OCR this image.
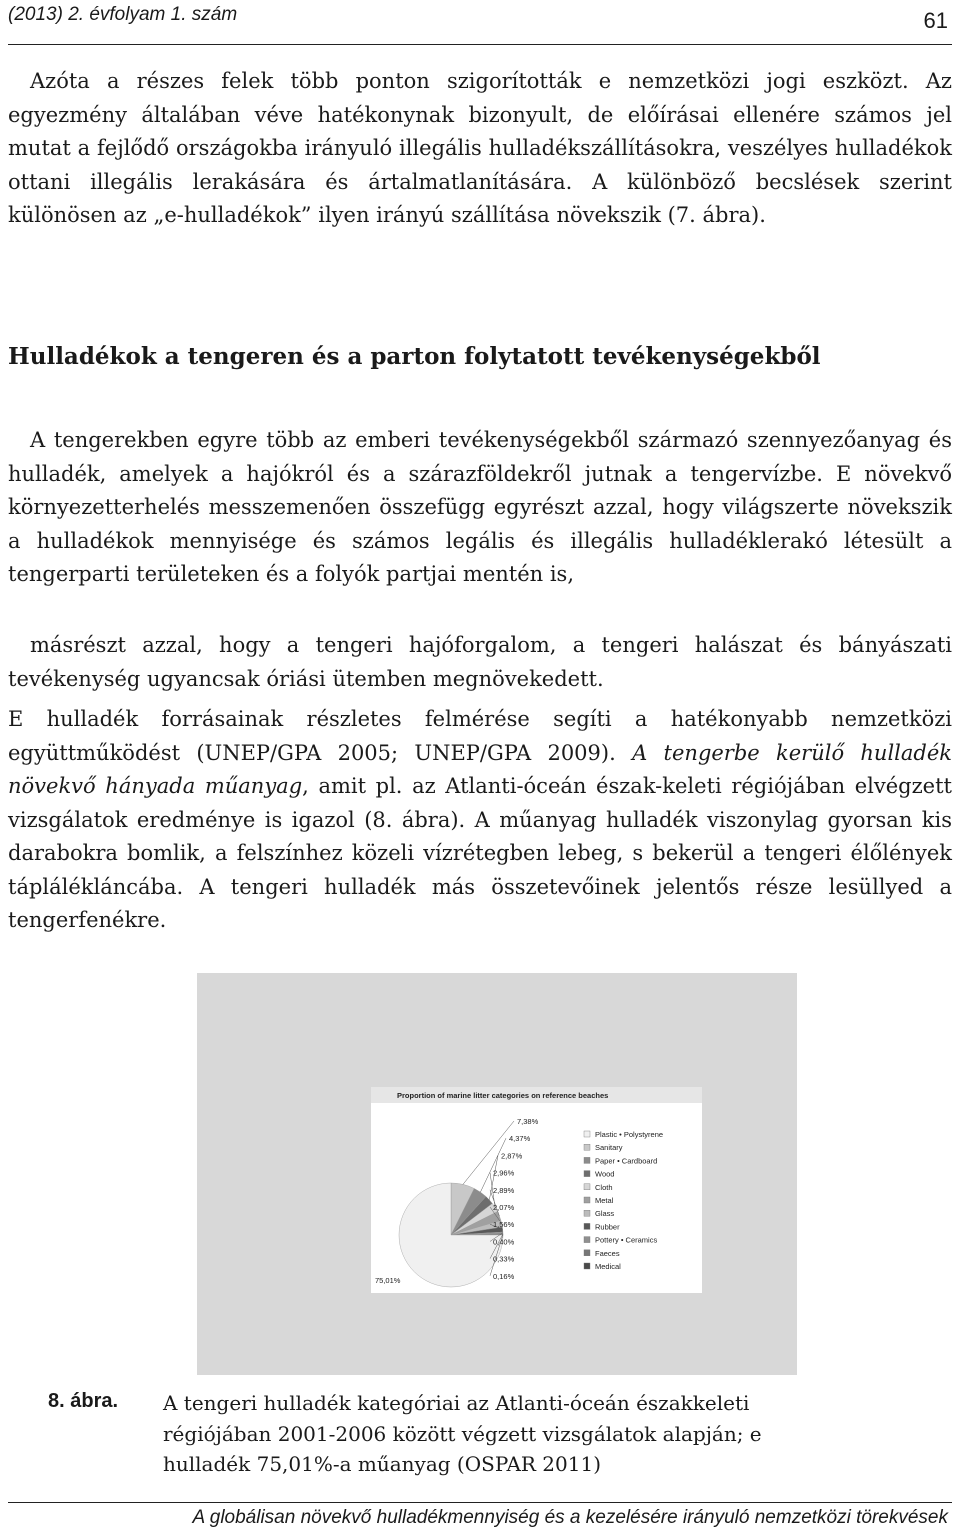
(2013) 2. évfolyam 1. szám	61

Azóta a részes felek több ponton szigorították e nemzetközi jogi eszközt. Az egyezmény általában véve hatékonynak bizonyult, de előírásai ellenére számos jel mutat a fejlődő országokba irányuló illegális hulladékszállításokra, veszélyes hulladékok ottani illegális lerakására és ártalmatlanítására. A különböző becslések szerint különösen az „e-hulladékok” ilyen irányú szállítása növekszik (7. ábra).

Hulladékok a tengeren és a parton folytatott tevékenységekből

A tengerekben egyre több az emberi tevékenységekből származó szennyezőanyag és hulladék, amelyek a hajókról és a szárazföldekről jutnak a tengervízbe. E növekvő környezetterhelés messzemenően összefügg egyrészt azzal, hogy világszerte növekszik a hulladékok mennyisége és számos legális és illegális hulladéklerakó létesült a tengerparti területeken és a folyók partjai mentén is,

másrészt azzal, hogy a tengeri hajóforgalom, a tengeri halászat és bányászati tevékenység ugyancsak óriási ütemben megnövekedett.

E hulladék forrásainak részletes felmérése segíti a hatékonyabb nemzetközi együttműködést (UNEP/GPA 2005; UNEP/GPA 2009). A tengerbe kerülő hulladék növekvő hányada műanyag, amit pl. az Atlanti-óceán észak-keleti régiójában elvégzett vizsgálatok eredménye is igazol (8. ábra). A műanyag hulladék viszonylag gyorsan kis darabokra bomlik, a felszínhez közeli vízrétegben lebeg, s bekerül a tengeri élőlények táplálékláncába. A tengeri hulladék más összetevőinek jelentős része lesüllyed a tengerfenékre.

Proportion of marine litter categories on reference beaches
7,38%
4,37%
2,87%
2,96%
2,89%
2,07%
1,56%
0,40%
0,33%
0,16%
75,01%
Plastic • Polystyrene
Sanitary
Paper • Cardboard
Wood
Cloth
Metal
Glass
Rubber
Pottery • Ceramics
Faeces
Medical
8. ábra. A tengeri hulladék kategóriai az Atlanti-óceán északkeleti régiójában 2001-2006 között végzett vizsgálatok alapján; e hulladék 75,01%-a műanyag (OSPAR 2011)

A globálisan növekvő hulladékmennyiség és a kezelésére irányuló nemzetközi törekvések
